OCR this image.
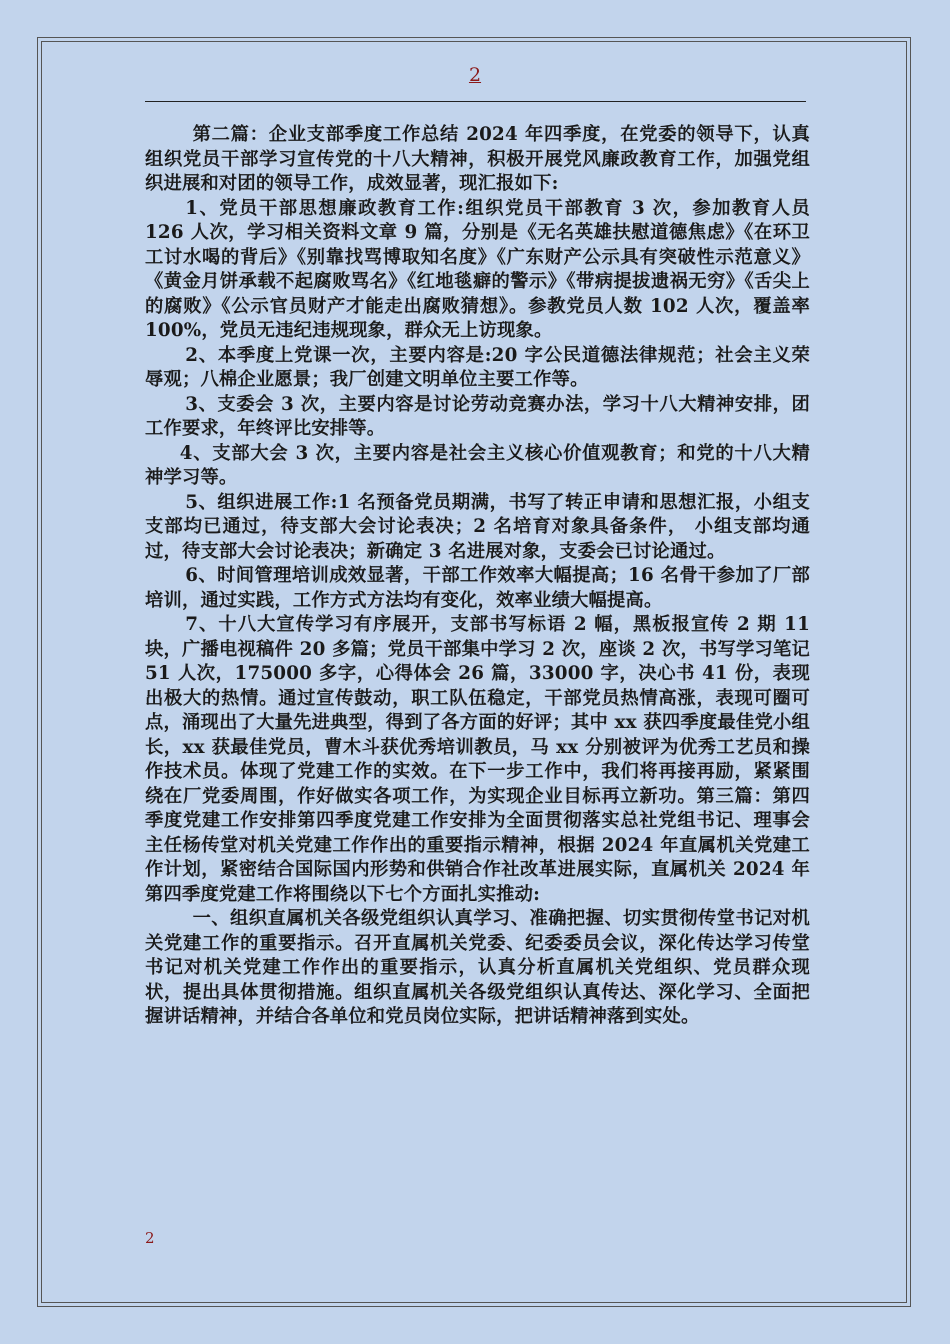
2

第二篇：企业支部季度工作总结 2024 年四季度，在党委的领导下，认真组织党员干部学习宣传党的十八大精神，积极开展党风廉政教育工作，加强党组织进展和对团的领导工作，成效显著，现汇报如下:

1、党员干部思想廉政教育工作:组织党员干部教育 3 次，参加教育人员 126 人次，学习相关资料文章 9 篇，分别是《无名英雄扶慰道德焦虑》《在环卫工讨水喝的背后》《别靠找骂博取知名度》《广东财产公示具有突破性示范意义》《黄金月饼承载不起腐败骂名》《红地毯癖的警示》《带病提拔遗祸无穷》《舌尖上的腐败》《公示官员财产才能走出腐败猜想》。参教党员人数 102 人次，覆盖率 100%，党员无违纪违规现象，群众无上访现象。

2、本季度上党课一次，主要内容是:20 字公民道德法律规范；社会主义荣辱观；八棉企业愿景；我厂创建文明单位主要工作等。

3、支委会 3 次，主要内容是讨论劳动竞赛办法，学习十八大精神安排，团工作要求，年终评比安排等。

4、支部大会 3 次，主要内容是社会主义核心价值观教育；和党的十八大精神学习等。

5、组织进展工作:1 名预备党员期满，书写了转正申请和思想汇报，小组支支部均已通过，待支部大会讨论表决；2 名培育对象具备条件， 小组支部均通过，待支部大会讨论表决；新确定 3 名进展对象，支委会已讨论通过。

6、时间管理培训成效显著，干部工作效率大幅提高；16 名骨干参加了厂部培训，通过实践，工作方式方法均有变化，效率业绩大幅提高。

7、十八大宣传学习有序展开，支部书写标语 2 幅，黑板报宣传 2 期 11 块，广播电视稿件 20 多篇；党员干部集中学习 2 次，座谈 2 次，书写学习笔记 51 人次，175000 多字，心得体会 26 篇，33000 字，决心书 41 份，表现出极大的热情。通过宣传鼓动，职工队伍稳定，干部党员热情高涨，表现可圈可点，涌现出了大量先进典型，得到了各方面的好评；其中 xx 获四季度最佳党小组长，xx 获最佳党员，曹木斗获优秀培训教员，马 xx 分别被评为优秀工艺员和操作技术员。体现了党建工作的实效。在下一步工作中，我们将再接再励，紧紧围绕在厂党委周围，作好做实各项工作，为实现企业目标再立新功。第三篇：第四季度党建工作安排第四季度党建工作安排为全面贯彻落实总社党组书记、理事会主任杨传堂对机关党建工作作出的重要指示精神，根据 2024 年直属机关党建工作计划，紧密结合国际国内形势和供销合作社改革进展实际，直属机关 2024 年第四季度党建工作将围绕以下七个方面扎实推动:

一、组织直属机关各级党组织认真学习、准确把握、切实贯彻传堂书记对机关党建工作的重要指示。召开直属机关党委、纪委委员会议，深化传达学习传堂书记对机关党建工作作出的重要指示，认真分析直属机关党组织、党员群众现状，提出具体贯彻措施。组织直属机关各级党组织认真传达、深化学习、全面把握讲话精神，并结合各单位和党员岗位实际，把讲话精神落到实处。

2
